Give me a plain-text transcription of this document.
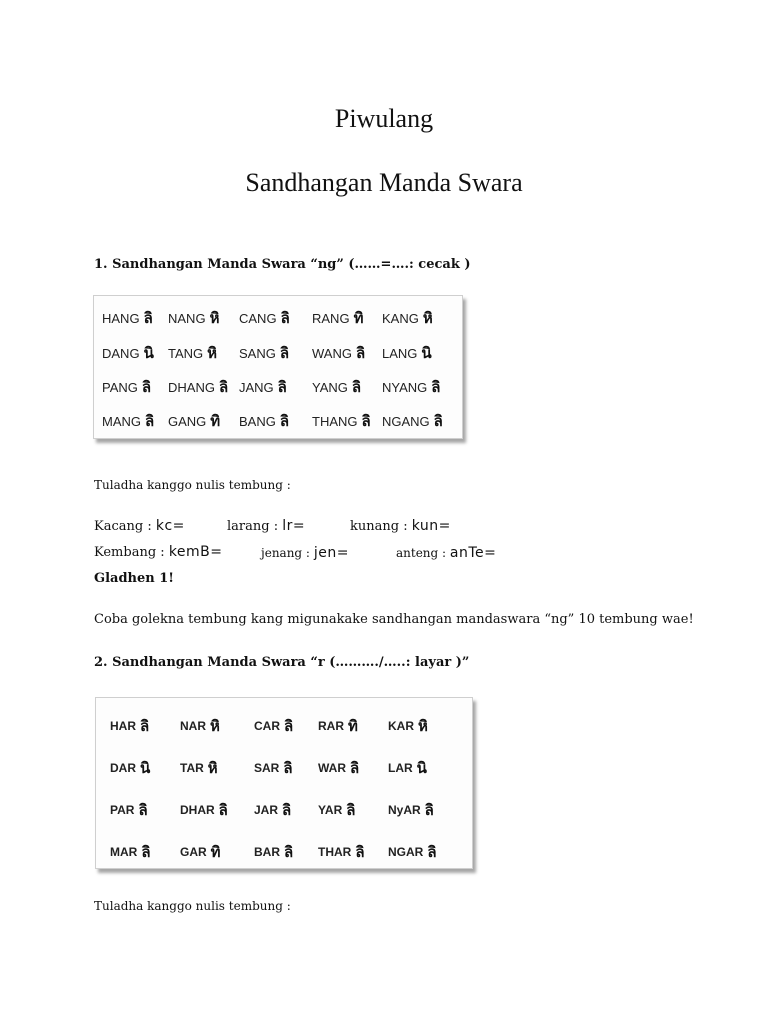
Piwulang
Sandhangan Manda Swara
1. Sandhangan Manda Swara “ng” (……=….: cecak )
HANG ลิ NANG หิ CANG ลิ RANG ทิ KANG หิ
DANG นิ TANG หิ SANG ลิ WANG ลิ LANG นิ
PANG ลิ DHANG ลิ JANG ลิ YANG ลิ NYANG ลิ
MANG ลิ GANG ทิ BANG ลิ THANG ลิ NGANG ลิ
Tuladha kanggo nulis tembung :
Kacang : kc=	larang : lr=	kunang : kun=
Kembang : kemB=	jenang : jen=	anteng : anTe=
Gladhen 1!
Coba golekna tembung kang migunakake sandhangan mandaswara “ng” 10 tembung wae!
2. Sandhangan Manda Swara “r (………./…..: layar )”
HAR ลิ	NAR หิ	CAR ลิ RAR ทิ	KAR หิ
DAR นิ	TAR หิ	SAR ลิ WAR ลิ LAR นิ
PAR ลิ	DHAR ลิ JAR ลิ YAR ลิ	NyAR ลิ
MAR ลิ	GAR ทิ	BAR ลิ THAR ลิ NGAR ลิ
Tuladha kanggo nulis tembung :
